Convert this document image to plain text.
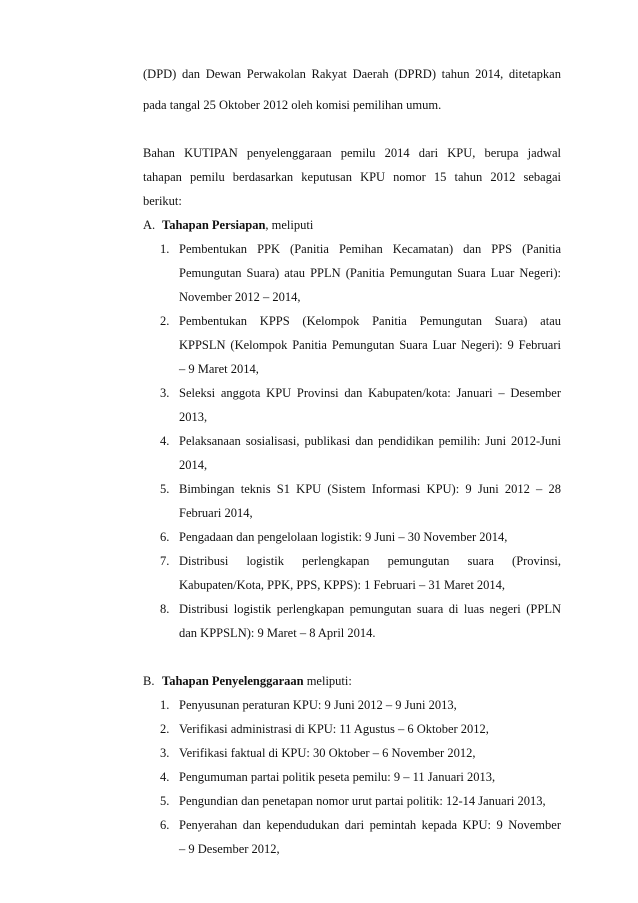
(DPD) dan Dewan Perwakolan Rakyat Daerah (DPRD) tahun 2014, ditetapkan
pada tangal 25 Oktober 2012 oleh komisi pemilihan umum.
Bahan KUTIPAN penyelenggaraan pemilu 2014 dari KPU, berupa jadwal
tahapan pemilu berdasarkan keputusan KPU nomor 15 tahun 2012 sebagai
berikut:
A. Tahapan Persiapan, meliputi
1. Pembentukan PPK (Panitia Pemihan Kecamatan) dan PPS (Panitia
Pemungutan Suara) atau PPLN (Panitia Pemungutan Suara Luar Negeri):
November 2012 – 2014,
2. Pembentukan KPPS (Kelompok Panitia Pemungutan Suara) atau
KPPSLN (Kelompok Panitia Pemungutan Suara Luar Negeri): 9 Februari
– 9 Maret 2014,
3. Seleksi anggota KPU Provinsi dan Kabupaten/kota: Januari – Desember
2013,
4. Pelaksanaan sosialisasi, publikasi dan pendidikan pemilih: Juni 2012-Juni
2014,
5. Bimbingan teknis S1 KPU (Sistem Informasi KPU): 9 Juni 2012 – 28
Februari 2014,
6. Pengadaan dan pengelolaan logistik: 9 Juni – 30 November 2014,
7. Distribusi logistik perlengkapan pemungutan suara (Provinsi,
Kabupaten/Kota, PPK, PPS, KPPS): 1 Februari – 31 Maret 2014,
8. Distribusi logistik perlengkapan pemungutan suara di luas negeri (PPLN
dan KPPSLN): 9 Maret – 8 April 2014.
B. Tahapan Penyelenggaraan meliputi:
1. Penyusunan peraturan KPU: 9 Juni 2012 – 9 Juni 2013,
2. Verifikasi administrasi di KPU: 11 Agustus – 6 Oktober 2012,
3. Verifikasi faktual di KPU: 30 Oktober – 6 November 2012,
4. Pengumuman partai politik peseta pemilu: 9 – 11 Januari 2013,
5. Pengundian dan penetapan nomor urut partai politik: 12-14 Januari 2013,
6. Penyerahan dan kependudukan dari pemintah kepada KPU: 9 November
– 9 Desember 2012,
